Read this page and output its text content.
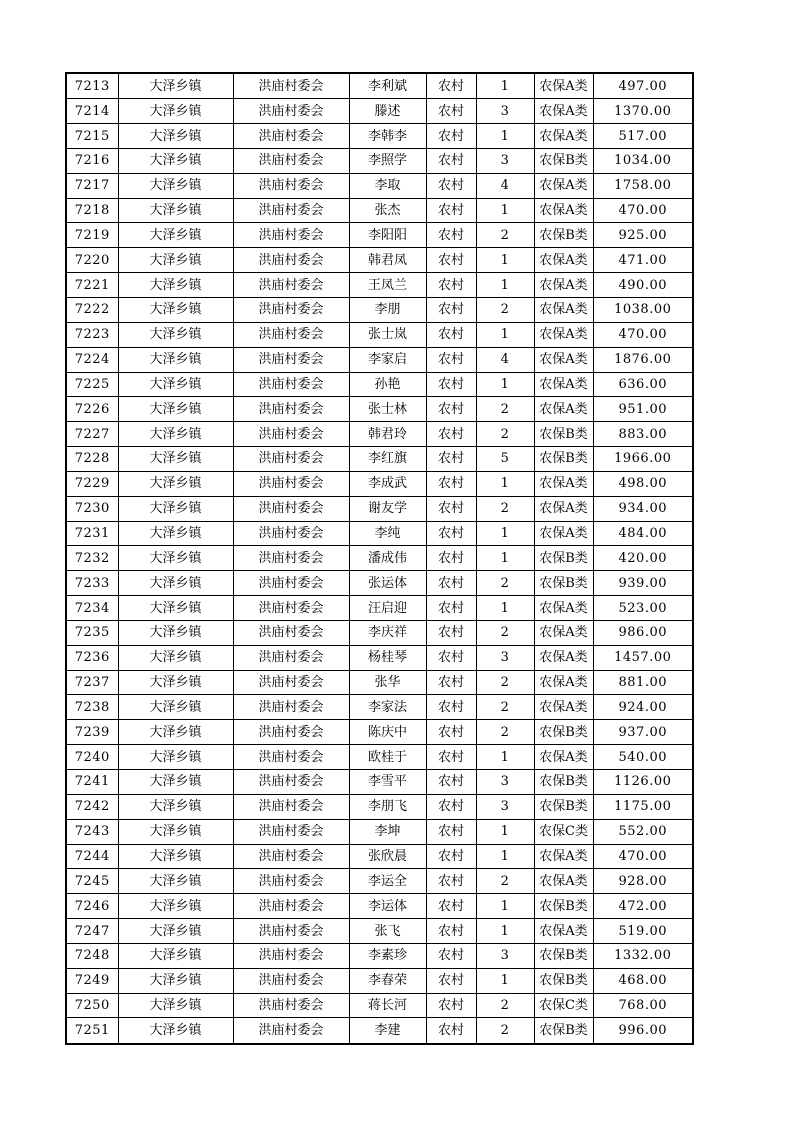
7213	大泽乡镇	洪庙村委会	李利斌	农村	1	农保A类	497.00
7214	大泽乡镇	洪庙村委会	滕述	农村	3	农保A类	1370.00
7215	大泽乡镇	洪庙村委会	李韩李	农村	1	农保A类	517.00
7216	大泽乡镇	洪庙村委会	李照学	农村	3	农保B类	1034.00
7217	大泽乡镇	洪庙村委会	李取	农村	4	农保A类	1758.00
7218	大泽乡镇	洪庙村委会	张杰	农村	1	农保A类	470.00
7219	大泽乡镇	洪庙村委会	李阳阳	农村	2	农保B类	925.00
7220	大泽乡镇	洪庙村委会	韩君凤	农村	1	农保A类	471.00
7221	大泽乡镇	洪庙村委会	王凤兰	农村	1	农保A类	490.00
7222	大泽乡镇	洪庙村委会	李朋	农村	2	农保A类	1038.00
7223	大泽乡镇	洪庙村委会	张士岚	农村	1	农保A类	470.00
7224	大泽乡镇	洪庙村委会	李家启	农村	4	农保A类	1876.00
7225	大泽乡镇	洪庙村委会	孙艳	农村	1	农保A类	636.00
7226	大泽乡镇	洪庙村委会	张士林	农村	2	农保A类	951.00
7227	大泽乡镇	洪庙村委会	韩君玲	农村	2	农保B类	883.00
7228	大泽乡镇	洪庙村委会	李红旗	农村	5	农保B类	1966.00
7229	大泽乡镇	洪庙村委会	李成武	农村	1	农保A类	498.00
7230	大泽乡镇	洪庙村委会	谢友学	农村	2	农保A类	934.00
7231	大泽乡镇	洪庙村委会	李纯	农村	1	农保A类	484.00
7232	大泽乡镇	洪庙村委会	潘成伟	农村	1	农保B类	420.00
7233	大泽乡镇	洪庙村委会	张运体	农村	2	农保B类	939.00
7234	大泽乡镇	洪庙村委会	汪启迎	农村	1	农保A类	523.00
7235	大泽乡镇	洪庙村委会	李庆祥	农村	2	农保A类	986.00
7236	大泽乡镇	洪庙村委会	杨桂琴	农村	3	农保A类	1457.00
7237	大泽乡镇	洪庙村委会	张华	农村	2	农保A类	881.00
7238	大泽乡镇	洪庙村委会	李家法	农村	2	农保A类	924.00
7239	大泽乡镇	洪庙村委会	陈庆中	农村	2	农保B类	937.00
7240	大泽乡镇	洪庙村委会	欧桂于	农村	1	农保A类	540.00
7241	大泽乡镇	洪庙村委会	李雪平	农村	3	农保B类	1126.00
7242	大泽乡镇	洪庙村委会	李朋飞	农村	3	农保B类	1175.00
7243	大泽乡镇	洪庙村委会	李坤	农村	1	农保C类	552.00
7244	大泽乡镇	洪庙村委会	张欣晨	农村	1	农保A类	470.00
7245	大泽乡镇	洪庙村委会	李运全	农村	2	农保A类	928.00
7246	大泽乡镇	洪庙村委会	李运体	农村	1	农保B类	472.00
7247	大泽乡镇	洪庙村委会	张飞	农村	1	农保A类	519.00
7248	大泽乡镇	洪庙村委会	李素珍	农村	3	农保B类	1332.00
7249	大泽乡镇	洪庙村委会	李春荣	农村	1	农保B类	468.00
7250	大泽乡镇	洪庙村委会	蒋长河	农村	2	农保C类	768.00
7251	大泽乡镇	洪庙村委会	李建	农村	2	农保B类	996.00
